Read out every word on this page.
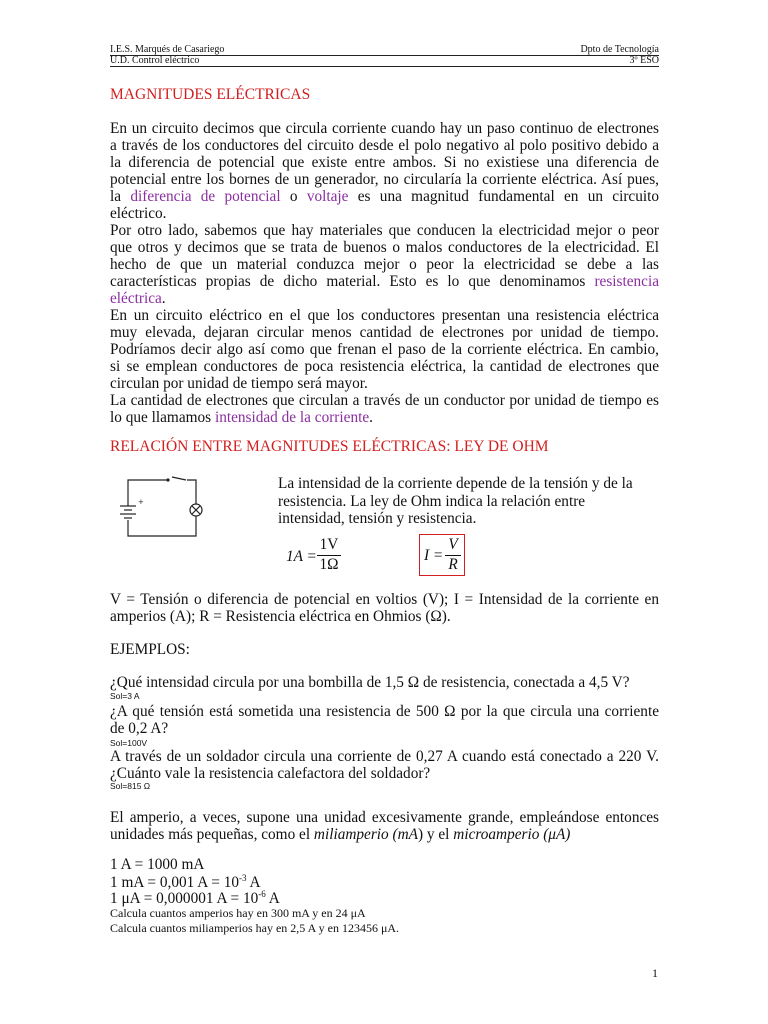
I.E.S. Marqués de Casariego	Dpto de Tecnología
U.D. Control eléctrico	3º ESO
MAGNITUDES ELÉCTRICAS
En un circuito decimos que circula corriente cuando hay un paso continuo de electrones
a través de los conductores del circuito desde el polo negativo al polo positivo debido a
la diferencia de potencial que existe entre ambos. Si no existiese una diferencia de
potencial entre los bornes de un generador, no circularía la corriente eléctrica. Así pues,
la diferencia de potencial o voltaje es una magnitud fundamental en un circuito
eléctrico.
Por otro lado, sabemos que hay materiales que conducen la electricidad mejor o peor
que otros y decimos que se trata de buenos o malos conductores de la electricidad. El
hecho de que un material conduzca mejor o peor la electricidad se debe a las
características propias de dicho material. Esto es lo que denominamos resistencia
eléctrica.
En un circuito eléctrico en el que los conductores presentan una resistencia eléctrica
muy elevada, dejaran circular menos cantidad de electrones por unidad de tiempo.
Podríamos decir algo así como que frenan el paso de la corriente eléctrica. En cambio,
si se emplean conductores de poca resistencia eléctrica, la cantidad de electrones que
circulan por unidad de tiempo será mayor.
La cantidad de electrones que circulan a través de un conductor por unidad de tiempo es
lo que llamamos intensidad de la corriente.
RELACIÓN ENTRE MAGNITUDES ELÉCTRICAS: LEY DE OHM
+
La intensidad de la corriente depende de la tensión y de la
resistencia. La ley de Ohm indica la relación entre
intensidad, tensión y resistencia.
1A =
1V
1Ω
I =
V
R
V = Tensión o diferencia de potencial en voltios (V); I = Intensidad de la corriente en
amperios (A); R = Resistencia eléctrica en Ohmios (Ω).
EJEMPLOS:
¿Qué intensidad circula por una bombilla de 1,5 Ω de resistencia, conectada a 4,5 V?
Sol=3 A
¿A qué tensión está sometida una resistencia de 500 Ω por la que circula una corriente
de 0,2 A?
Sol=100V
A través de un soldador circula una corriente de 0,27 A cuando está conectado a 220 V.
¿Cuánto vale la resistencia calefactora del soldador?
Sol=815 Ω
El amperio, a veces, supone una unidad excesivamente grande, empleándose entonces
unidades más pequeñas, como el miliamperio (mA) y el microamperio (μA)
1 A = 1000 mA
1 mA = 0,001 $A = 10^{-3}$ A
1 μA = 0,000001 $A = 10^{-6}$ A
Calcula cuantos amperios hay en 300 mA y en 24 μA
Calcula cuantos miliamperios hay en 2,5 A y en 123456 μA.
1
